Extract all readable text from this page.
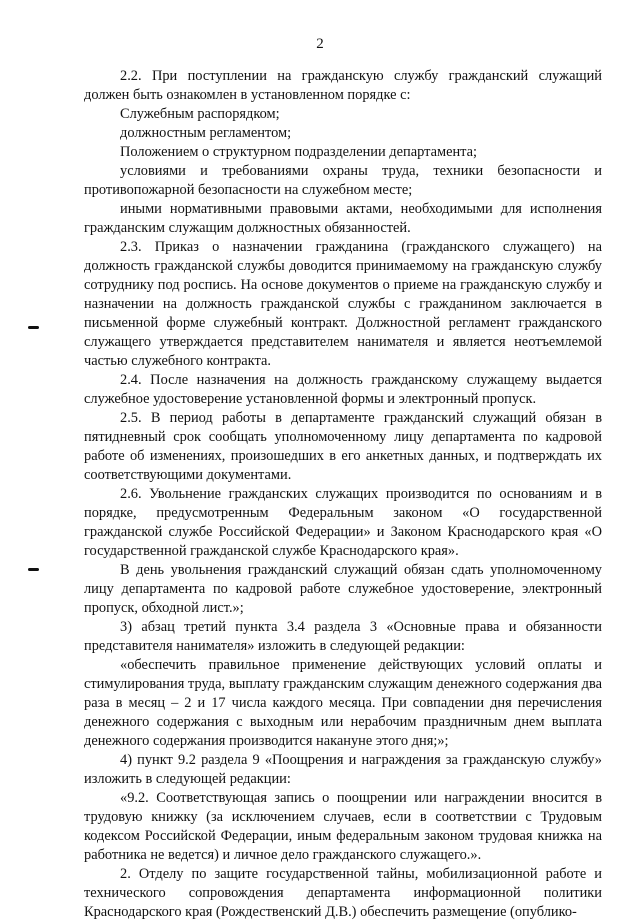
2

2.2. При поступлении на гражданскую службу гражданский служащий должен быть ознакомлен в установленном порядке с:

Служебным распорядком;

должностным регламентом;

Положением о структурном подразделении департамента;

условиями и требованиями охраны труда, техники безопасности и противопожарной безопасности на служебном месте;

иными нормативными правовыми актами, необходимыми для исполнения гражданским служащим должностных обязанностей.

2.3. Приказ о назначении гражданина (гражданского служащего) на должность гражданской службы доводится принимаемому на гражданскую службу сотруднику под роспись. На основе документов о приеме на гражданскую службу и назначении на должность гражданской службы с гражданином заключается в письменной форме служебный контракт. Должностной регламент гражданского служащего утверждается представителем нанимателя и является неотъемлемой частью служебного контракта.

2.4. После назначения на должность гражданскому служащему выдается служебное удостоверение установленной формы и электронный пропуск.

2.5. В период работы в департаменте гражданский служащий обязан в пятидневный срок сообщать уполномоченному лицу департамента по кадровой работе об изменениях, произошедших в его анкетных данных, и подтверждать их соответствующими документами.

2.6. Увольнение гражданских служащих производится по основаниям и в порядке, предусмотренным Федеральным законом «О государственной гражданской службе Российской Федерации» и Законом Краснодарского края «О государственной гражданской службе Краснодарского края».

В день увольнения гражданский служащий обязан сдать уполномоченному лицу департамента по кадровой работе служебное удостоверение, электронный пропуск, обходной лист.»;

3) абзац третий пункта 3.4 раздела 3 «Основные права и обязанности представителя нанимателя» изложить в следующей редакции:

«обеспечить правильное применение действующих условий оплаты и стимулирования труда, выплату гражданским служащим денежного содержания два раза в месяц – 2 и 17 числа каждого месяца. При совпадении дня перечисления денежного содержания с выходным или нерабочим праздничным днем выплата денежного содержания производится накануне этого дня;»;

4) пункт 9.2 раздела 9 «Поощрения и награждения за гражданскую службу» изложить в следующей редакции:

«9.2. Соответствующая запись о поощрении или награждении вносится в трудовую книжку (за исключением случаев, если в соответствии с Трудовым кодексом Российской Федерации, иным федеральным законом трудовая книжка на работника не ведется) и личное дело гражданского служащего.».

2. Отделу по защите государственной тайны, мобилизационной работе и технического сопровождения департамента информационной политики Краснодарского края (Рождественский Д.В.) обеспечить размещение (опублико-
